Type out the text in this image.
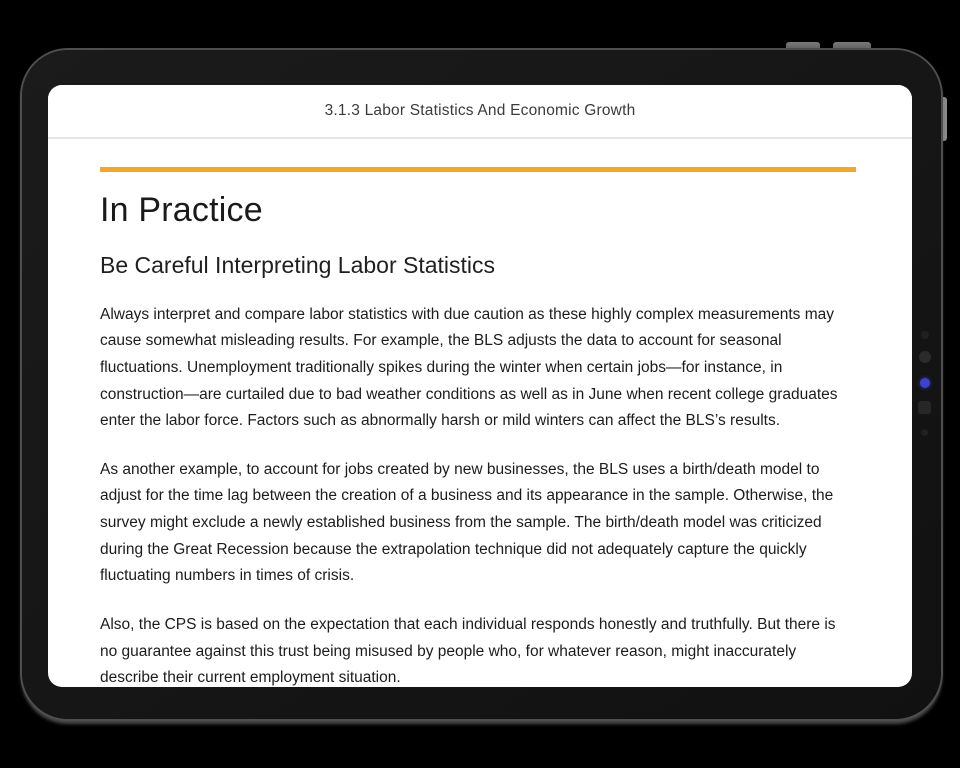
3.1.3 Labor Statistics And Economic Growth
In Practice
Be Careful Interpreting Labor Statistics

Always interpret and compare labor statistics with due caution as these highly complex measurements may cause somewhat misleading results. For example, the BLS adjusts the data to account for seasonal fluctuations. Unemployment traditionally spikes during the winter when certain jobs—for instance, in construction—are curtailed due to bad weather conditions as well as in June when recent college graduates enter the labor force. Factors such as abnormally harsh or mild winters can affect the BLS’s results.

As another example, to account for jobs created by new businesses, the BLS uses a birth/death model to adjust for the time lag between the creation of a business and its appearance in the sample. Otherwise, the survey might exclude a newly established business from the sample. The birth/death model was criticized during the Great Recession because the extrapolation technique did not adequately capture the quickly fluctuating numbers in times of crisis.

Also, the CPS is based on the expectation that each individual responds honestly and truthfully. But there is no guarantee against this trust being misused by people who, for whatever reason, might inaccurately describe their current employment situation.
